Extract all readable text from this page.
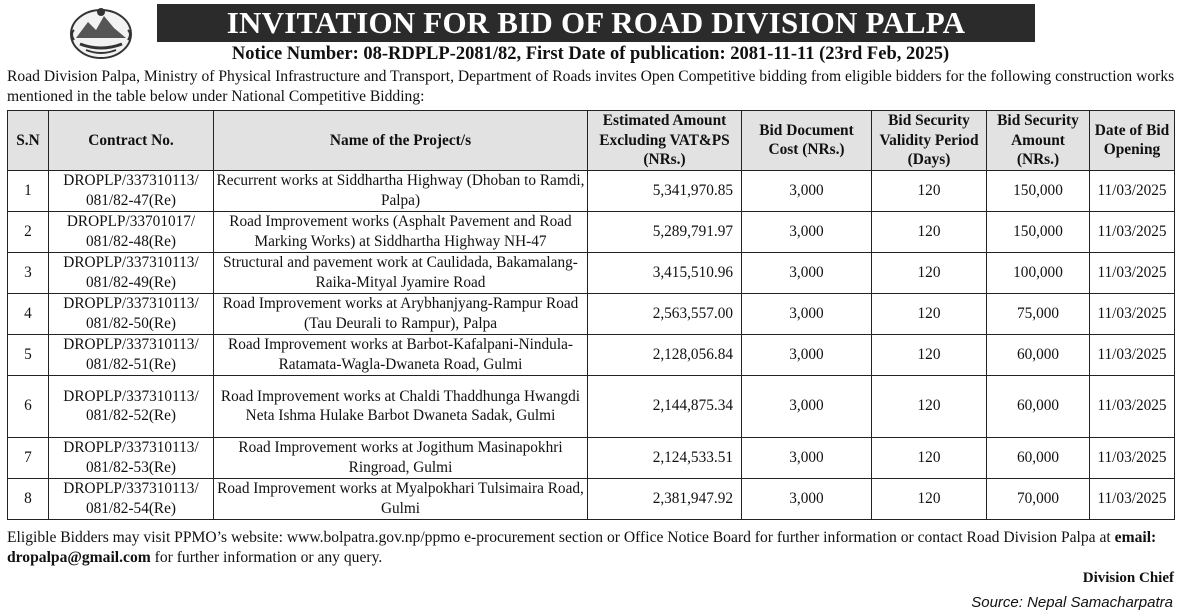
INVITATION FOR BID OF ROAD DIVISION PALPA
Notice Number: 08-RDPLP-2081/82, First Date of publication: 2081-11-11 (23rd Feb, 2025)
Road Division Palpa, Ministry of Physical Infrastructure and Transport, Department of Roads invites Open Competitive bidding from eligible bidders for the following construction works mentioned in the table below under National Competitive Bidding:
S.N	Contract No.	Name of the Project/s	Estimated Amount Excluding VAT&PS (NRs.)	Bid Document Cost (NRs.)	Bid Security Validity Period (Days)	Bid Security Amount (NRs.)	Date of Bid Opening
1	DROPLP/337310113/ 081/82-47(Re)	Recurrent works at Siddhartha Highway (Dhoban to Ramdi, Palpa)	5,341,970.85	3,000	120	150,000	11/03/2025
2	DROPLP/33701017/ 081/82-48(Re)	Road Improvement works (Asphalt Pavement and Road Marking Works) at Siddhartha Highway NH-47	5,289,791.97	3,000	120	150,000	11/03/2025
3	DROPLP/337310113/ 081/82-49(Re)	Structural and pavement work at Caulidada, Bakamalang-Raika-Mityal Jyamire Road	3,415,510.96	3,000	120	100,000	11/03/2025
4	DROPLP/337310113/ 081/82-50(Re)	Road Improvement works at Arybhanjyang-Rampur Road (Tau Deurali to Rampur), Palpa	2,563,557.00	3,000	120	75,000	11/03/2025
5	DROPLP/337310113/ 081/82-51(Re)	Road Improvement works at Barbot-Kafalpani-Nindula-Ratamata-Wagla-Dwaneta Road, Gulmi	2,128,056.84	3,000	120	60,000	11/03/2025
6	DROPLP/337310113/ 081/82-52(Re)	Road Improvement works at Chaldi Thaddhunga Hwangdi Neta Ishma Hulake Barbot Dwaneta Sadak, Gulmi	2,144,875.34	3,000	120	60,000	11/03/2025
7	DROPLP/337310113/ 081/82-53(Re)	Road Improvement works at Jogithum Masinapokhri Ringroad, Gulmi	2,124,533.51	3,000	120	60,000	11/03/2025
8	DROPLP/337310113/ 081/82-54(Re)	Road Improvement works at Myalpokhari Tulsimaira Road, Gulmi	2,381,947.92	3,000	120	70,000	11/03/2025
Eligible Bidders may visit PPMO’s website: www.bolpatra.gov.np/ppmo e-procurement section or Office Notice Board for further information or contact Road Division Palpa at email: dropalpa@gmail.com for further information or any query.
Division Chief
Source: Nepal Samacharpatra
